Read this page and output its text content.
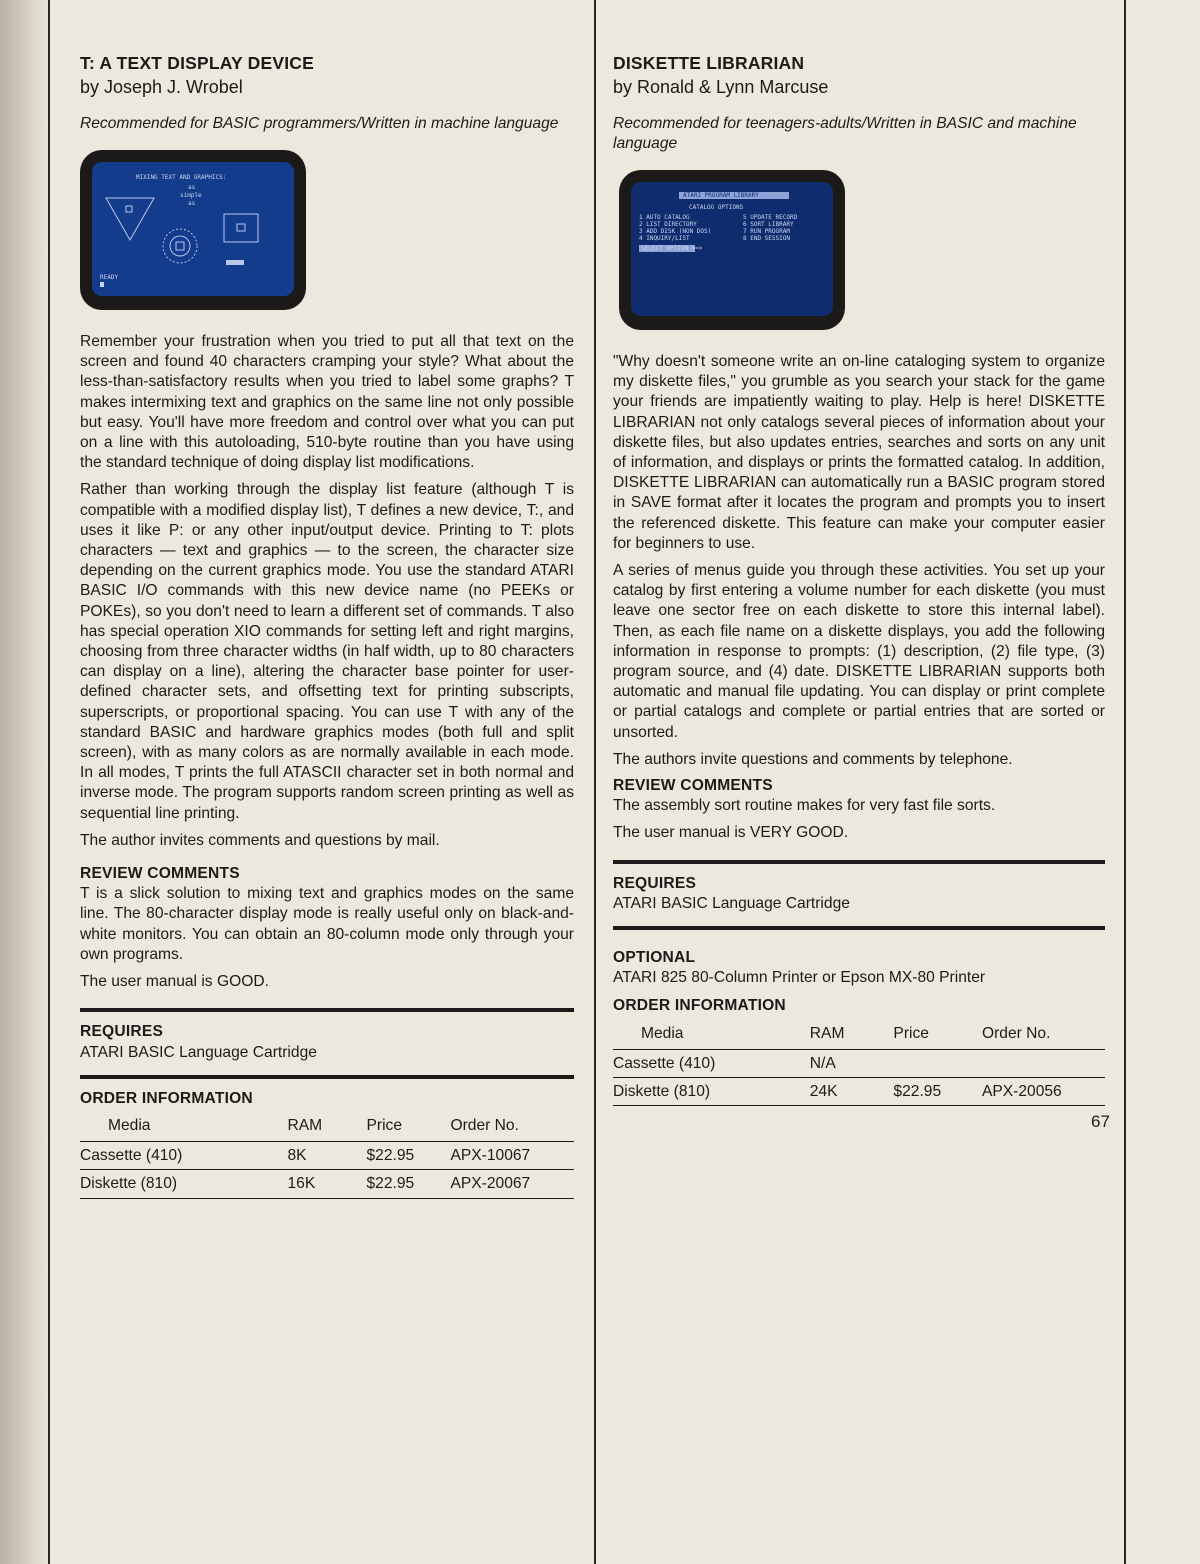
T: A TEXT DISPLAY DEVICE
by Joseph J. Wrobel
Recommended for BASIC programmers/Written in machine language
MIXING TEXT AND GRAPHICS:
as
simple
as
READY

Remember your frustration when you tried to put all that text on the screen and found 40 characters cramping your style? What about the less-than-satisfactory results when you tried to label some graphs? T makes intermixing text and graphics on the same line not only possible but easy. You'll have more freedom and control over what you can put on a line with this autoloading, 510-byte routine than you have using the standard technique of doing display list modifications.

Rather than working through the display list feature (although T is compatible with a modified display list), T defines a new device, T:, and uses it like P: or any other input/output device. Printing to T: plots characters — text and graphics — to the screen, the character size depending on the current graphics mode. You use the standard ATARI BASIC I/O commands with this new device name (no PEEKs or POKEs), so you don't need to learn a different set of commands. T also has special operation XIO commands for setting left and right margins, choosing from three character widths (in half width, up to 80 characters can display on a line), altering the character base pointer for user-defined character sets, and offsetting text for printing subscripts, superscripts, or proportional spacing. You can use T with any of the standard BASIC and hardware graphics modes (both full and split screen), with as many colors as are normally available in each mode. In all modes, T prints the full ATASCII character set in both normal and inverse mode. The program supports random screen printing as well as sequential line printing.

The author invites comments and questions by mail.

REVIEW COMMENTS

T is a slick solution to mixing text and graphics modes on the same line. The 80-character display mode is really useful only on black-and-white monitors. You can obtain an 80-column mode only through your own programs.

The user manual is GOOD.

REQUIRES
ATARI BASIC Language Cartridge
ORDER INFORMATION
Media	RAM	Price	Order No.
Cassette (410)	8K	$22.95	APX-10067
Diskette (810)	16K	$22.95	APX-20067
DISKETTE LIBRARIAN
by Ronald & Lynn Marcuse
Recommended for teenagers-adults/Written in BASIC and machine language
ATARI PROGRAM LIBRARY
CATALOG OPTIONS
1 AUTO CATALOG
2 LIST DIRECTORY
3 ADD DISK (NON DOS)
4 INQUIRY/LIST
5 UPDATE RECORD
6 SORT LIBRARY
7 RUN PROGRAM
8 END SESSION
SELECT OPTION ==>

"Why doesn't someone write an on-line cataloging system to organize my diskette files," you grumble as you search your stack for the game your friends are impatiently waiting to play. Help is here! DISKETTE LIBRARIAN not only catalogs several pieces of information about your diskette files, but also updates entries, searches and sorts on any unit of information, and displays or prints the formatted catalog. In addition, DISKETTE LIBRARIAN can automatically run a BASIC program stored in SAVE format after it locates the program and prompts you to insert the referenced diskette. This feature can make your computer easier for beginners to use.

A series of menus guide you through these activities. You set up your catalog by first entering a volume number for each diskette (you must leave one sector free on each diskette to store this internal label). Then, as each file name on a diskette displays, you add the following information in response to prompts: (1) description, (2) file type, (3) program source, and (4) date. DISKETTE LIBRARIAN supports both automatic and manual file updating. You can display or print complete or partial catalogs and complete or partial entries that are sorted or unsorted.

The authors invite questions and comments by telephone.

REVIEW COMMENTS

The assembly sort routine makes for very fast file sorts.

The user manual is VERY GOOD.

REQUIRES
ATARI BASIC Language Cartridge
OPTIONAL
ATARI 825 80-Column Printer or Epson MX-80 Printer
ORDER INFORMATION
Media	RAM	Price	Order No.
Cassette (410)	N/A		
Diskette (810)	24K	$22.95	APX-20056
67
